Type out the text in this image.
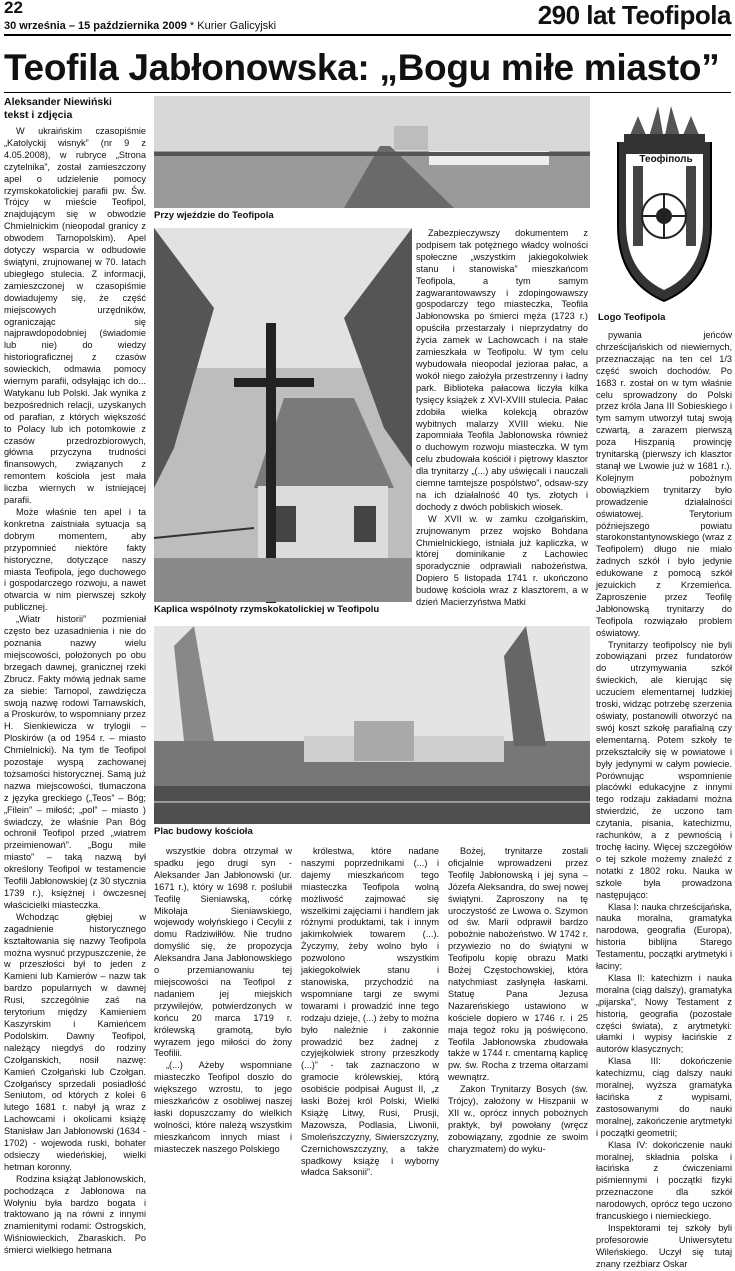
22
30 września – 15 października 2009 * Kurier Galicyjski	290 lat Teofipola
Teofila Jabłonowska: „Bogu miłe miasto”
Aleksander Niewiński
tekst i zdjęcia

W ukraińskim czasopiśmie „Katolyckij wisnyk” (nr 9 z 4.05.2008), w rubryce „Strona czytelnika”, został zamieszczony apel o udzielenie pomocy rzymskokatolickiej parafii pw. Św. Trójcy w mieście Teofipol, znajdującym się w obwodzie Chmielnickim (nieopodal granicy z obwodem Tarnopolskim). Apel dotyczy wsparcia w odbudowie świątyni, zrujnowanej w 70. latach ubiegłego stulecia. Z informacji, zamieszczonej w czasopiśmie dowiadujemy się, że część miejscowych urzędników, ograniczając się najprawdopodobniej (świadomie lub nie) do wiedzy historiograficznej z czasów sowieckich, odmawia pomocy wiernym parafii, odsyłając ich do... Watykanu lub Polski. Jak wynika z bezpośrednich relacji, uzyskanych od parafian, z których większość to Polacy lub ich potomkowie z czasów przedrozbiorowych, główna przyczyna trudności finansowych, związanych z remontem kościoła jest mała liczba wiernych w istniejącej parafii.

Może właśnie ten apel i ta konkretna zaistniała sytuacja są dobrym momentem, aby przypomnieć niektóre fakty historyczne, dotyczące naszy miasta Teofipola, jego duchowego i gospodarczego rozwoju, a nawet otwarcia w nim pierwszej szkoły publicznej.

„Wiatr historii” pozmieniał często bez uzasadnienia i nie do poznania nazwy wielu miejscowości, położonych po obu brzegach dawnej, granicznej rzeki Zbrucz. Fakty mówią jednak same za siebie: Tarnopol, zawdzięcza swoją nazwę rodowi Tarnawskich, a Proskurów, to wspomniany przez H. Sienkiewicza w trylogii – Ploskirów (a od 1954 r. – miasto Chmielnicki). Na tym tle Teofipol pozostaje wyspą zachowanej tożsamości historycznej. Samą już nazwa miejscowości, tłumaczona z języka greckiego („Teos” – Bóg; „Filein” – miłość; „pol” – miasto ) świadczy, że właśnie Pan Bóg ochronił Teofipol przed „wiatrem przeimienowań”. „Bogu miłe miasto” – taką nazwą był określony Teofipol w testamencie Teofili Jabłonowskiej (z 30 stycznia 1739 r.), księżnej i ówczesnej właścicielki miasteczka.

Wchodząc głębiej w zagadnienie historycznego kształtowania się nazwy Teofipola można wysnuć przypuszczenie, że w przeszłości był to jeden z Kamieni lub Kamierów – nazw tak bardzo popularnych w dawnej Rusi, szczególnie zaś na terytorium między Kamieniem Kaszyrskim i Kamieńcem Podolskim. Dawny Teofipol, należący niegdyś do rodziny Czołganskich, nosił nazwę: Kamień Czołgański lub Czołgan. Czołgańscy sprzedali posiadłość Seniutom, od których z kolei 6 lutego 1681 r. nabył ją wraz z Lachowcami i okolicami książę Stanisław Jan Jabłonowski (1634 - 1702) - wojewoda ruski, bohater odsieczy wiedeńskiej, wielki hetman koronny.

Rodzina książąt Jabłonowskich, pochodząca z Jabłonowa na Wołyniu była bardzo bogata i traktowano ją na równi z innymi znamienitymi rodami: Ostrogskich, Wiśniowieckich, Zbaraskich. Po śmierci wielkiego hetmana

Przy wjeździe do Teofipola
Kaplica wspólnoty rzymskokatolickiej w Teofipolu

Zabezpieczywszy dokumentem z podpisem tak potężnego władcy wolności społeczne „wszystkim jakiegokolwiek stanu i stanowiska” mieszkańcom Teofipola, a tym samym zagwarantowawszy i zdopingowawszy gospodarczy tego miasteczka, Teofila Jabłonowska po śmierci męża (1723 r.) opuściła przestarzały i nieprzydatny do życia zamek w Lachowcach i na stałe zamieszkała w Teofipolu. W tym celu wybudowała nieopodal jezioraa pałac, a wokół niego założyła przestrzenny i ładny park. Biblioteka pałacowa liczyła kilka tysięcy książek z XVI-XVIII stulecia. Pałac zdobiła wielka kolekcją obrazów wybitnych malarzy XVIII wieku. Nie zapomniała Teofila Jabłonowska również o duchowym rozwoju miasteczka. W tym celu zbudowała kościół i piętrowy klasztor dla trynitarzy „(...) aby uświęcali i nauczali ciemne tamtejsze pospólstwo”, odsaw-szy na ich działalność 40 tys. złotych i dochody z dwóch pobliskich wiosek.

W XVII w. w zamku czołgańskim, zrujnowanym przez wojsko Bohdana Chmielnickiego, istniała już kapliczka, w której dominikanie z Lachowiec sporadycznie odprawiali nabożeństwa. Dopiero 5 listopada 1741 r. ukończono budowę kościoła wraz z klasztorem, a w dzień Macierzyństwa Matki

Теофіполь
Logo Teofipola

pywania jeńców chrześcijańskich od niewiernych, przeznaczając na ten cel 1/3 część swoich dochodów. Po 1683 r. został on w tym właśnie celu sprowadzony do Polski przez króla Jana III Sobieskiego i tym samym utworzył tutaj swoją czwartą, a zarazem pierwszą poza Hiszpanią prowincję trynitarską (pierwszy ich klasztor stanął we Lwowie już w 1681 r.). Kolejnym pobożnym obowiązkiem trynitarzy było prowadzenie działalności oświatowej. Terytorium późniejszego powiatu starokonstantynowskiego (wraz z Teofipolem) długo nie miało żadnych szkół i było jedynie edukowane z pomocą szkół jezuickich z Krzemieńca. Zaproszenie przez Teofilę Jabłonowską trynitarzy do Teofipola rozwiązało problem oświatowy.

Trynitarzy teofipolscy nie byli zobowiązani przez fundatorów do utrzymywania szkół świeckich, ale kierując się uczuciem elementarnej ludzkiej troski, widząc potrzebę szerzenia oświaty, postanowili otworzyć na swój koszt szkołę parafialną czy elementarną. Potem szkoły te przekształciły się w powiatowe i były jedynymi w całym powiecie. Porównując wspomnienie placówki edukacyjne z innymi tego rodzaju zakładami można stwierdzić, że uczono tam czytania, pisania, katechizmu, rachunków, a z pewnością i trochę łaciny. Więcej szczegółów o tej szkole możemy znaleźć z notatki z 1802 roku. Nauka w szkole była prowadzona następująco:

Klasa I: nauka chrześcijańska, nauka moralna, gramatyka narodowa, geografia (Europa), historia biblijna Starego Testamentu, początki arytmetyki i łaciny;

Klasa II: katechizm i nauka moralna (ciąg dalszy), gramatyka „pijarska”, Nowy Testament z historią, geografia (pozostałe części świata), z arytmetyki: ułamki i wypisy łacińskie z autorów klasycznych;

Klasa III: dokończenie katechizmu, ciąg dalszy nauki moralnej, wyższa gramatyka łacińska z wypisami, zastosowanymi do nauki moralnej, zakończenie arytmetyki i początki geometrii;

Klasa IV: dokończenie nauki moralnej, składnia polska i łacińska z ćwiczeniami piśmiennymi i początki fizyki przeznaczone dla szkół narodowych, oprócz tego uczono francuskiego i niemieckiego.

Inspektorami tej szkoły byli profesorowie Uniwersytetu Wileńskiego. Uczył się tutaj znany rzeźbiarz Oskar

Plac budowy kościoła

wszystkie dobra otrzymał w spadku jego drugi syn - Aleksander Jan Jabłonowski (ur. 1671 r.), który w 1698 r. poślubił Teofilę Sieniawską, córkę Mikołaja Sieniawskiego, wojewody wołyńskiego i Cecylii z domu Radziwiłłów. Nie trudno domyślić się, że propozycja Aleksandra Jana Jabłonowskiego o przemianowaniu tej miejscowości na Teofipol z nadaniem jej miejskich przywilejów, potwierdzonych w końcu 20 marca 1719 r. królewską gramotą, było wyrazem jego miłości do żony Teofilii.

„(...) Ażeby wspomniane miasteczko Teofipol doszło do większego wzrostu, to jego mieszkańców z osobliwej naszej łaski dopuszczamy do wielkich wolności, które należą wszystkim mieszkańcom innych miast i miasteczek naszego Polskiego

królestwa, które nadane naszymi poprzednikami (...) i dajemy mieszkańcom tego miasteczka Teofipola wolną możliwość zajmować się wszelkimi zajęciami i handlem jak różnymi produktami, tak i innym jakimkolwiek towarem (...). Życzymy, żeby wolno było i pozwolono wszystkim jakiegokolwiek stanu i stanowiska, przychodzić na wspomniane targi ze swymi towarami i prowadzić inne tego rodzaju dzieje, (...) żeby to można było należnie i zakonnie prowadzić bez żadnej z czyjejkolwiek strony przeszkody (...)” - tak zaznaczono w gramocie królewskiej, którą osobiście podpisał August II, „z łaski Bożej król Polski, Wielki Książę Litwy, Rusi, Prusji, Mazowsza, Podlasia, Liwonii, Smoleńszczyzny, Siwierszczyzny, Czernichowszczyzny, a także spadkowy książę i wyborny władca Saksonii”.

Bożej, trynitarze zostali oficjalnie wprowadzeni przez Teofilę Jabłonowską i jej syna – Józefa Aleksandra, do swej nowej świątyni. Zaproszony na tę uroczystość ze Lwowa o. Szymon od św. Marii odprawił bardzo pobożnie nabożeństwo. W 1742 r. przywiezio no do świątyni w Teofipolu kopię obrazu Matki Bożej Częstochowskiej, która natychmiast zasłynęła łaskami. Statuę Pana Jezusa Nazareńskiego ustawiono w kościele dopiero w 1746 r. i 25 maja tegoż roku ją poświęcono. Teofila Jabłonowska zbudowała także w 1744 r. cmentarną kaplicę pw. św. Rocha z trzema ołtarzami wewnątrz.

Zakon Trynitarzy Bosych (św. Trójcy), założony w Hiszpanii w XII w., oprócz innych pobożnych praktyk, był powołany (wręcz zobowiązany, zgodnie ze swoim charyzmatem) do wyku-
